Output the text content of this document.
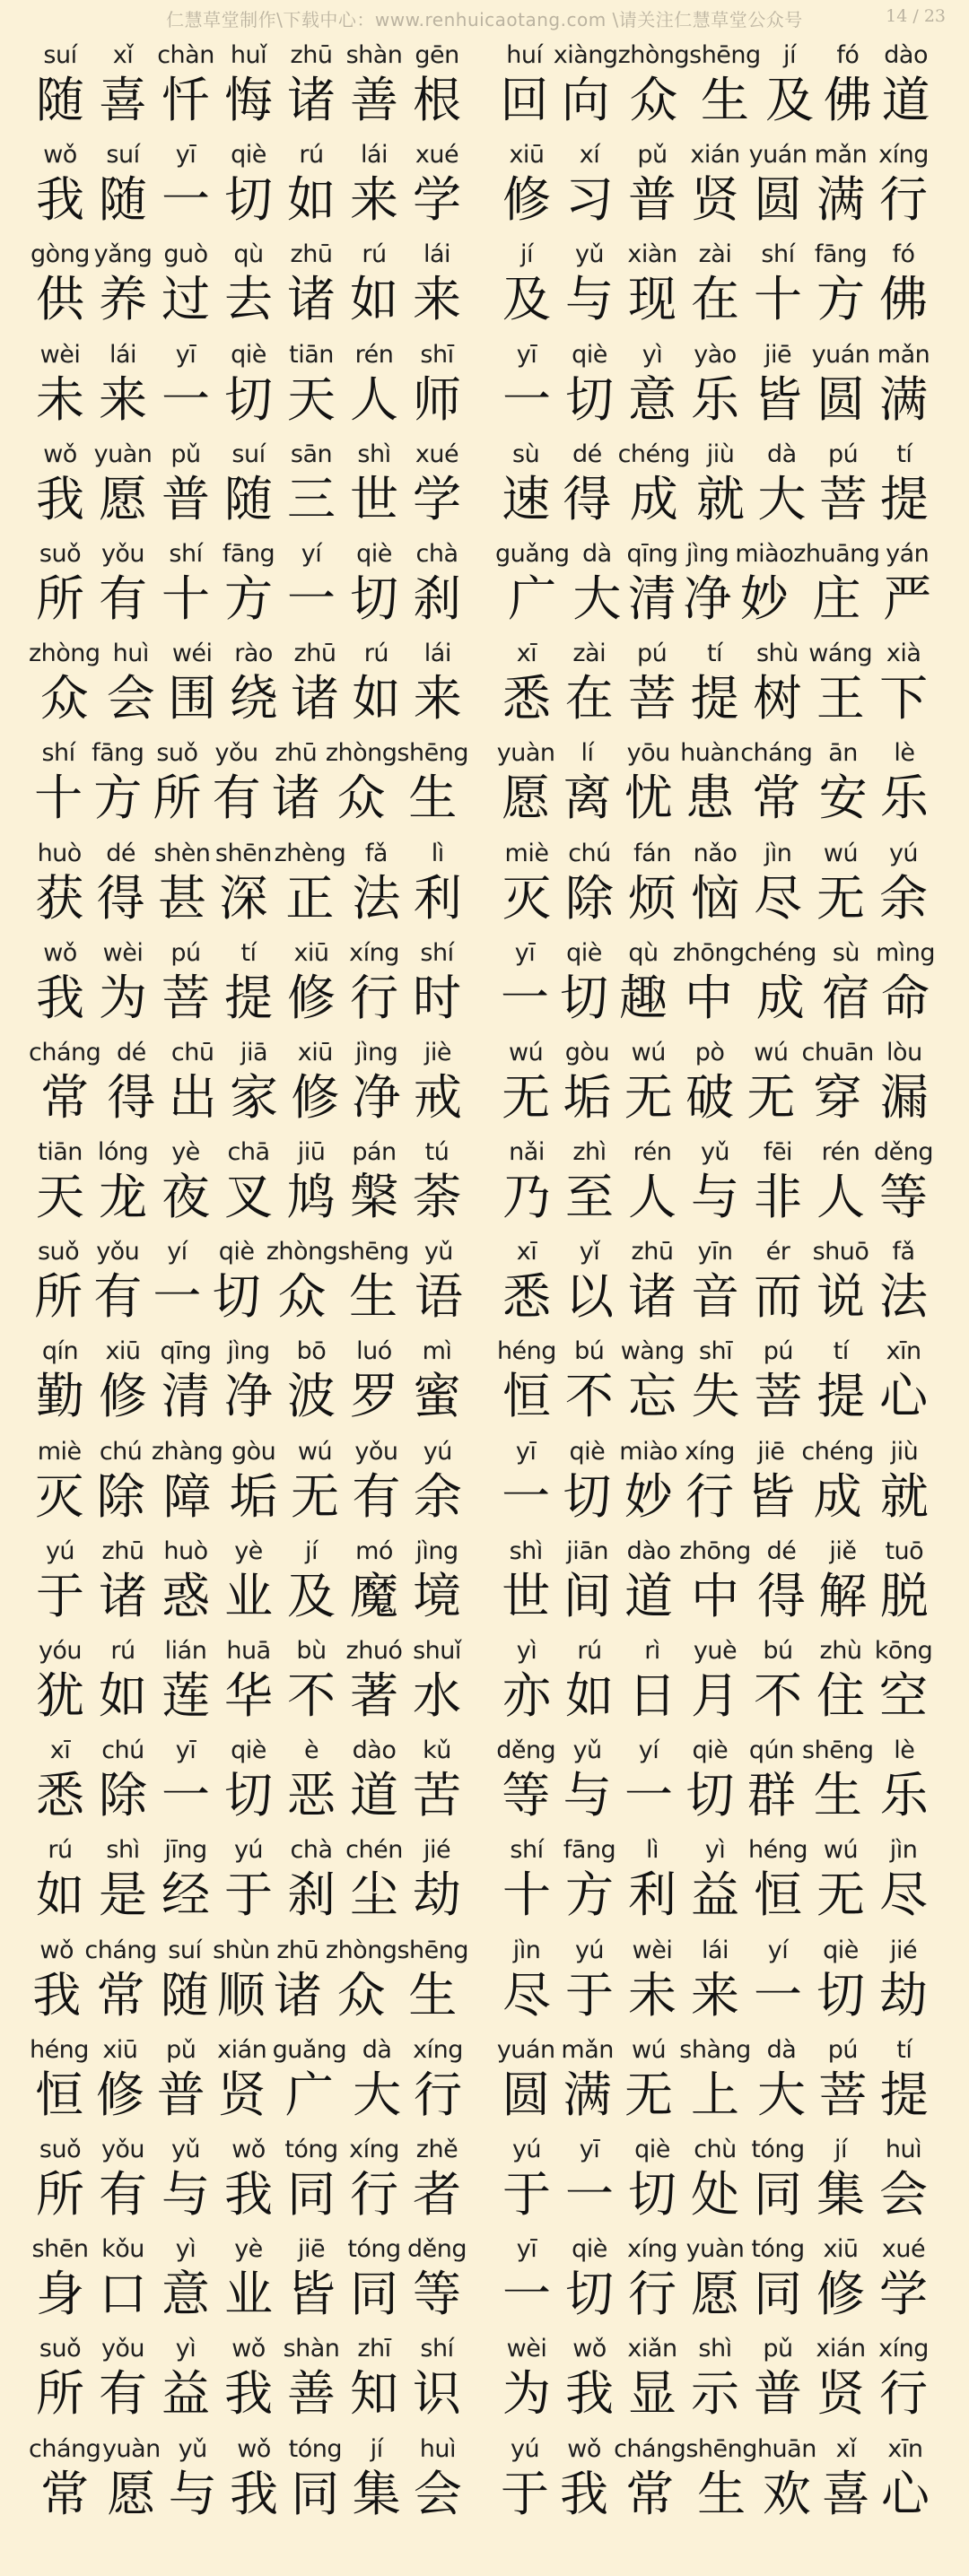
仁慧草堂制作\下载中心：www.renhuicaotang.com \请关注仁慧草堂公众号	14 / 23
suí
随
xǐ
喜
chàn
忏
huǐ
悔
zhū
诸
shàn
善
gēn
根
huí
回
xiàng
向
zhòng
众
shēng
生
jí
及
fó
佛
dào
道
wǒ
我
suí
随
yī
一
qiè
切
rú
如
lái
来
xué
学
xiū
修
xí
习
pǔ
普
xián
贤
yuán
圆
mǎn
满
xíng
行
gòng
供
yǎng
养
guò
过
qù
去
zhū
诸
rú
如
lái
来
jí
及
yǔ
与
xiàn
现
zài
在
shí
十
fāng
方
fó
佛
wèi
未
lái
来
yī
一
qiè
切
tiān
天
rén
人
shī
师
yī
一
qiè
切
yì
意
yào
乐
jiē
皆
yuán
圆
mǎn
满
wǒ
我
yuàn
愿
pǔ
普
suí
随
sān
三
shì
世
xué
学
sù
速
dé
得
chéng
成
jiù
就
dà
大
pú
菩
tí
提
suǒ
所
yǒu
有
shí
十
fāng
方
yí
一
qiè
切
chà
刹
guǎng
广
dà
大
qīng
清
jìng
净
miào
妙
zhuāng
庄
yán
严
zhòng
众
huì
会
wéi
围
rào
绕
zhū
诸
rú
如
lái
来
xī
悉
zài
在
pú
菩
tí
提
shù
树
wáng
王
xià
下
shí
十
fāng
方
suǒ
所
yǒu
有
zhū
诸
zhòng
众
shēng
生
yuàn
愿
lí
离
yōu
忧
huàn
患
cháng
常
ān
安
lè
乐
huò
获
dé
得
shèn
甚
shēn
深
zhèng
正
fǎ
法
lì
利
miè
灭
chú
除
fán
烦
nǎo
恼
jìn
尽
wú
无
yú
余
wǒ
我
wèi
为
pú
菩
tí
提
xiū
修
xíng
行
shí
时
yī
一
qiè
切
qù
趣
zhōng
中
chéng
成
sù
宿
mìng
命
cháng
常
dé
得
chū
出
jiā
家
xiū
修
jìng
净
jiè
戒
wú
无
gòu
垢
wú
无
pò
破
wú
无
chuān
穿
lòu
漏
tiān
天
lóng
龙
yè
夜
chā
叉
jiū
鸠
pán
槃
tú
荼
nǎi
乃
zhì
至
rén
人
yǔ
与
fēi
非
rén
人
děng
等
suǒ
所
yǒu
有
yí
一
qiè
切
zhòng
众
shēng
生
yǔ
语
xī
悉
yǐ
以
zhū
诸
yīn
音
ér
而
shuō
说
fǎ
法
qín
勤
xiū
修
qīng
清
jìng
净
bō
波
luó
罗
mì
蜜
héng
恒
bú
不
wàng
忘
shī
失
pú
菩
tí
提
xīn
心
miè
灭
chú
除
zhàng
障
gòu
垢
wú
无
yǒu
有
yú
余
yī
一
qiè
切
miào
妙
xíng
行
jiē
皆
chéng
成
jiù
就
yú
于
zhū
诸
huò
惑
yè
业
jí
及
mó
魔
jìng
境
shì
世
jiān
间
dào
道
zhōng
中
dé
得
jiě
解
tuō
脱
yóu
犹
rú
如
lián
莲
huā
华
bù
不
zhuó
著
shuǐ
水
yì
亦
rú
如
rì
日
yuè
月
bú
不
zhù
住
kōng
空
xī
悉
chú
除
yī
一
qiè
切
è
恶
dào
道
kǔ
苦
děng
等
yǔ
与
yí
一
qiè
切
qún
群
shēng
生
lè
乐
rú
如
shì
是
jīng
经
yú
于
chà
刹
chén
尘
jié
劫
shí
十
fāng
方
lì
利
yì
益
héng
恒
wú
无
jìn
尽
wǒ
我
cháng
常
suí
随
shùn
顺
zhū
诸
zhòng
众
shēng
生
jìn
尽
yú
于
wèi
未
lái
来
yí
一
qiè
切
jié
劫
héng
恒
xiū
修
pǔ
普
xián
贤
guǎng
广
dà
大
xíng
行
yuán
圆
mǎn
满
wú
无
shàng
上
dà
大
pú
菩
tí
提
suǒ
所
yǒu
有
yǔ
与
wǒ
我
tóng
同
xíng
行
zhě
者
yú
于
yī
一
qiè
切
chù
处
tóng
同
jí
集
huì
会
shēn
身
kǒu
口
yì
意
yè
业
jiē
皆
tóng
同
děng
等
yī
一
qiè
切
xíng
行
yuàn
愿
tóng
同
xiū
修
xué
学
suǒ
所
yǒu
有
yì
益
wǒ
我
shàn
善
zhī
知
shí
识
wèi
为
wǒ
我
xiǎn
显
shì
示
pǔ
普
xián
贤
xíng
行
cháng
常
yuàn
愿
yǔ
与
wǒ
我
tóng
同
jí
集
huì
会
yú
于
wǒ
我
cháng
常
shēng
生
huān
欢
xǐ
喜
xīn
心
